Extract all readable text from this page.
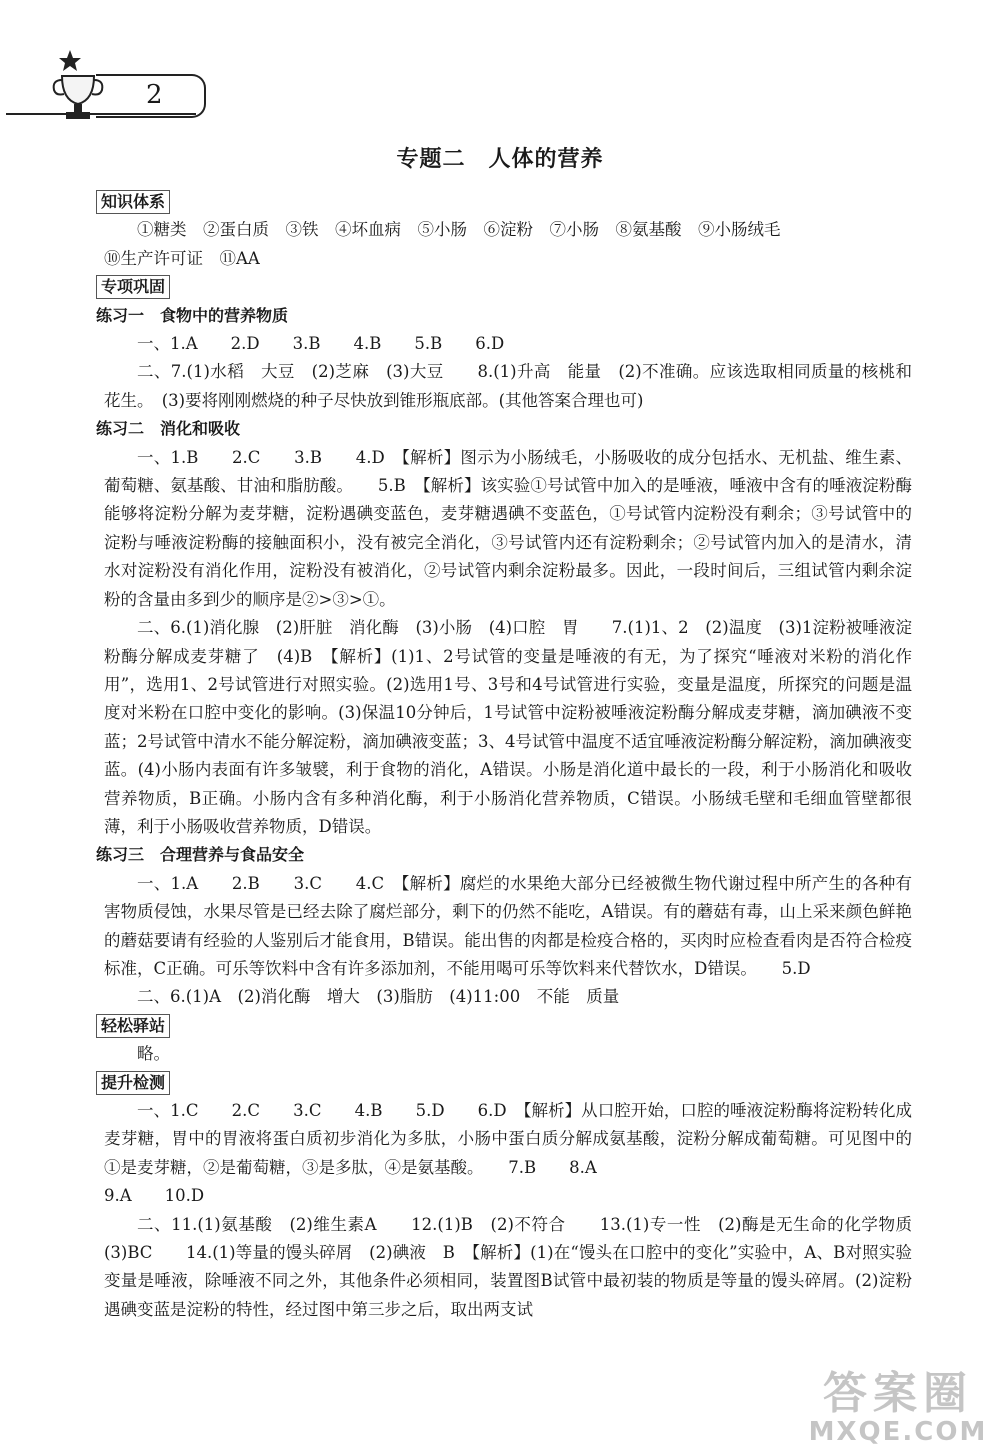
2
专题二　人体的营养

知识体系

①糖类　②蛋白质　③铁　④坏血病　⑤小肠　⑥淀粉　⑦小肠　⑧氨基酸　⑨小肠绒毛

⑩生产许可证　⑪AA

专项巩固

练习一　食物中的营养物质

一、1.A　　2.D　　3.B　　4.B　　5.B　　6.D

二、7.(1)水稻　大豆　(2)芝麻　(3)大豆　　8.(1)升高　能量　(2)不准确。应该选取相同质量的核桃和花生。　(3)要将刚刚燃烧的种子尽快放到锥形瓶底部。(其他答案合理也可)

练习二　消化和吸收

一、1.B　　2.C　　3.B　　4.D　【解析】图示为小肠绒毛，小肠吸收的成分包括水、无机盐、维生素、葡萄糖、氨基酸、甘油和脂肪酸。　　5.B　【解析】该实验①号试管中加入的是唾液，唾液中含有的唾液淀粉酶能够将淀粉分解为麦芽糖，淀粉遇碘变蓝色，麦芽糖遇碘不变蓝色，①号试管内淀粉没有剩余；③号试管中的淀粉与唾液淀粉酶的接触面积小，没有被完全消化，③号试管内还有淀粉剩余；②号试管内加入的是清水，清水对淀粉没有消化作用，淀粉没有被消化，②号试管内剩余淀粉最多。因此，一段时间后，三组试管内剩余淀粉的含量由多到少的顺序是②>③>①。

二、6.(1)消化腺　(2)肝脏　消化酶　(3)小肠　(4)口腔　胃　　7.(1)1、2　(2)温度　(3)1淀粉被唾液淀粉酶分解成麦芽糖了　(4)B　【解析】(1)1、2号试管的变量是唾液的有无，为了探究“唾液对米粉的消化作用”，选用1、2号试管进行对照实验。(2)选用1号、3号和4号试管进行实验，变量是温度，所探究的问题是温度对米粉在口腔中变化的影响。(3)保温10分钟后，1号试管中淀粉被唾液淀粉酶分解成麦芽糖，滴加碘液不变蓝；2号试管中清水不能分解淀粉，滴加碘液变蓝；3、4号试管中温度不适宜唾液淀粉酶分解淀粉，滴加碘液变蓝。(4)小肠内表面有许多皱襞，利于食物的消化，A错误。小肠是消化道中最长的一段，利于小肠消化和吸收营养物质，B正确。小肠内含有多种消化酶，利于小肠消化营养物质，C错误。小肠绒毛壁和毛细血管壁都很薄，利于小肠吸收营养物质，D错误。

练习三　合理营养与食品安全

一、1.A　　2.B　　3.C　　4.C　【解析】腐烂的水果绝大部分已经被微生物代谢过程中所产生的各种有害物质侵蚀，水果尽管是已经去除了腐烂部分，剩下的仍然不能吃，A错误。有的蘑菇有毒，山上采来颜色鲜艳的蘑菇要请有经验的人鉴别后才能食用，B错误。能出售的肉都是检疫合格的，买肉时应检查看肉是否符合检疫标准，C正确。可乐等饮料中含有许多添加剂，不能用喝可乐等饮料来代替饮水，D错误。　　5.D

二、6.(1)A　(2)消化酶　增大　(3)脂肪　(4)11:00　不能　质量

轻松驿站

略。

提升检测

一、1.C　　2.C　　3.C　　4.B　　5.D　　6.D　【解析】从口腔开始，口腔的唾液淀粉酶将淀粉转化成麦芽糖，胃中的胃液将蛋白质初步消化为多肽，小肠中蛋白质分解成氨基酸，淀粉分解成葡萄糖。可见图中的①是麦芽糖，②是葡萄糖，③是多肽，④是氨基酸。　　7.B　　8.A

9.A　　10.D

二、11.(1)氨基酸　(2)维生素A　　12.(1)B　(2)不符合　　13.(1)专一性　(2)酶是无生命的化学物质　(3)BC　　14.(1)等量的馒头碎屑　(2)碘液　B　【解析】(1)在“馒头在口腔中的变化”实验中，A、B对照实验变量是唾液，除唾液不同之外，其他条件必须相同，装置图B试管中最初装的物质是等量的馒头碎屑。(2)淀粉遇碘变蓝是淀粉的特性，经过图中第三步之后，取出两支试

答案圈
MXQE.COM
